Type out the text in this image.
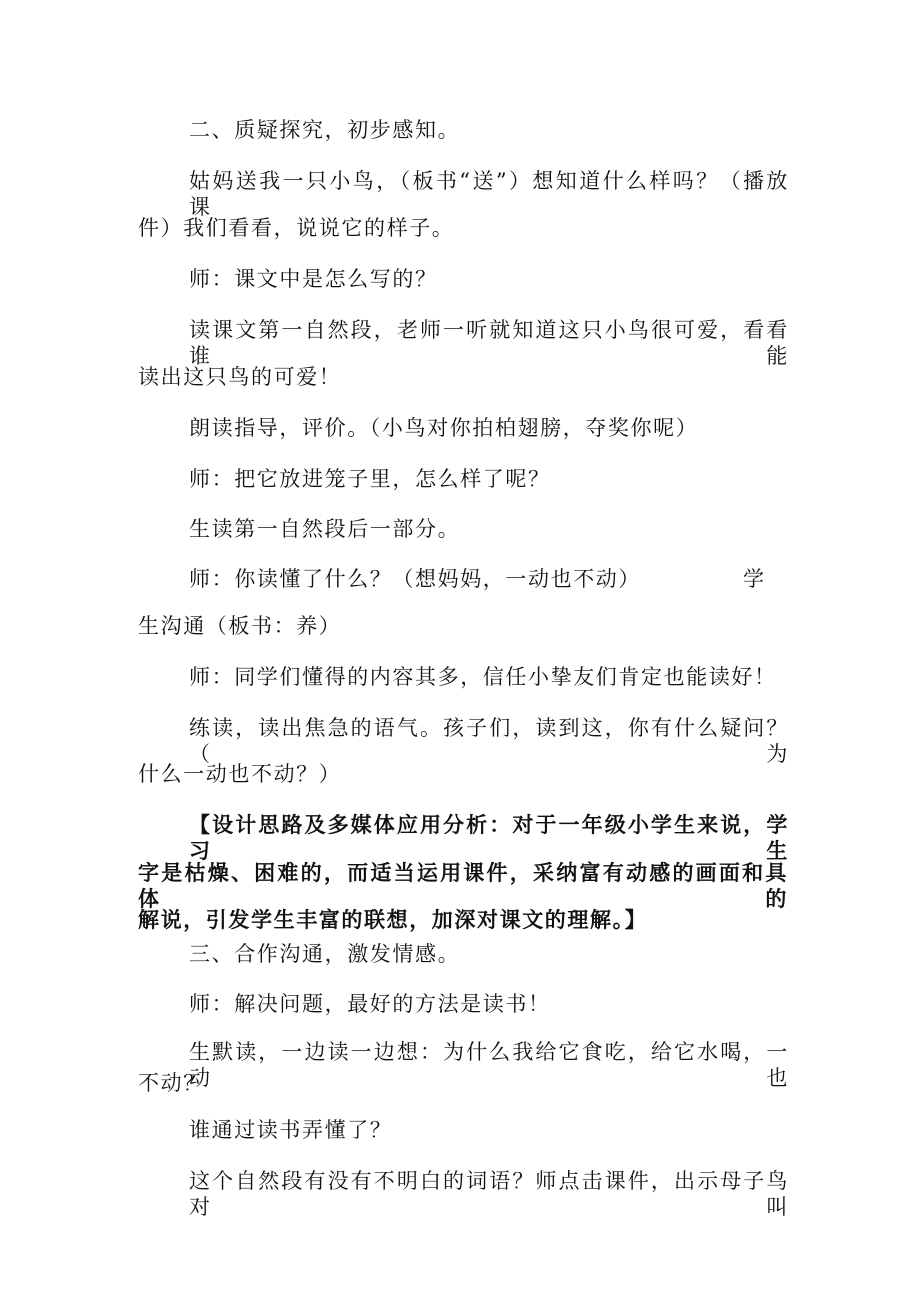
二、质疑探究，初步感知。
姑妈送我一只小鸟，（板书“送”）想知道什么样吗？（播放课
件）我们看看，说说它的样子。
师：课文中是怎么写的？
读课文第一自然段，老师一听就知道这只小鸟很可爱，看看谁能
读出这只鸟的可爱！
朗读指导，评价。（小鸟对你拍柏翅膀，夺奖你呢）
师：把它放进笼子里，怎么样了呢？
生读第一自然段后一部分。
师：你读懂了什么？（想妈妈，一动也不动）	学
生沟通（板书：养）
师：同学们懂得的内容其多，信任小挚友们肯定也能读好！
练读，读出焦急的语气。孩子们，读到这，你有什么疑问？（为
什么一动也不动？）
【设计思路及多媒体应用分析：对于一年级小学生来说，学习生
字是枯燥、困难的，而适当运用课件，采纳富有动感的画面和具体的
解说，引发学生丰富的联想，加深对课文的理解。】
三、合作沟通，激发情感。
师：解决问题，最好的方法是读书！
生默读，一边读一边想：为什么我给它食吃，给它水喝，一动也
不动？
谁通过读书弄懂了？
这个自然段有没有不明白的词语？师点击课件，出示母子鸟对叫
